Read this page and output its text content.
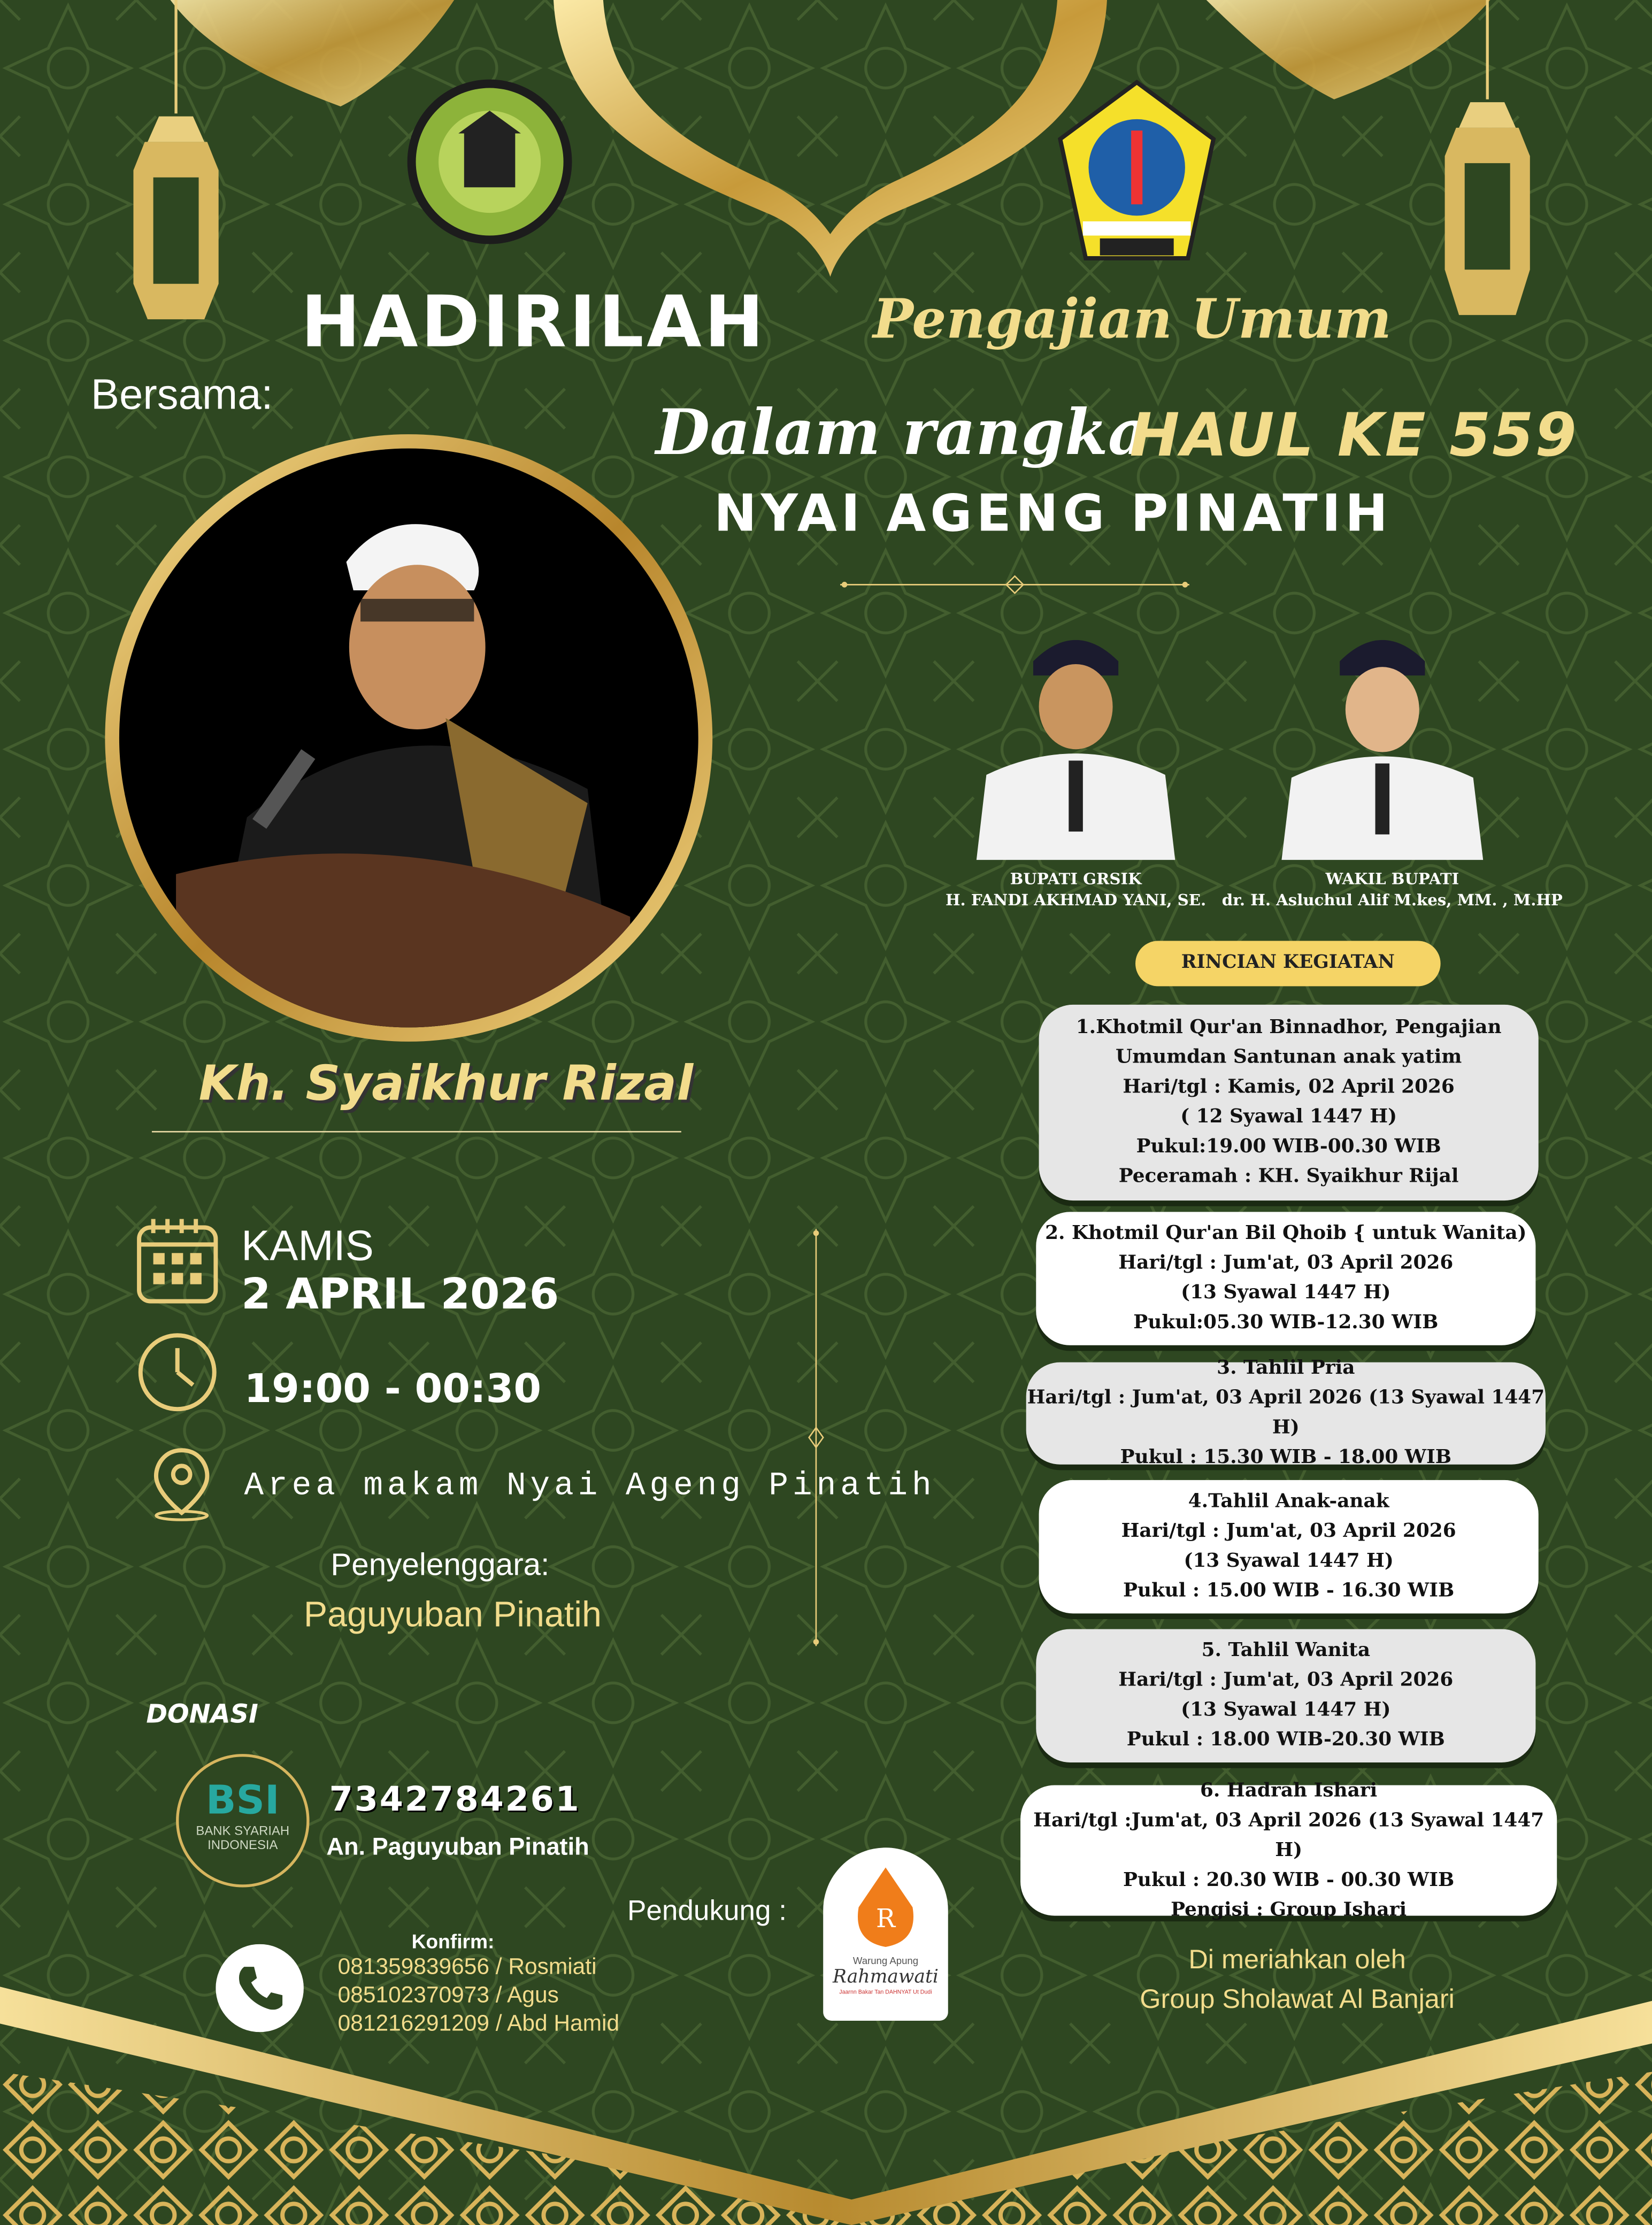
HADIRILAH	Pengajian Umum
Bersama:
Dalam rangka
HAUL KE 559
NYAI AGENG PINATIH
Kh. Syaikhur Rizal
KAMIS
2 APRIL 2026
19:00 - 00:30
Area makam Nyai Ageng Pinatih
Penyelenggara:
Paguyuban Pinatih
BUPATI GRSIK
H. FANDI AKHMAD YANI, SE.
WAKIL BUPATI
dr. H. Asluchul Alif M.kes, MM. , M.HP
RINCIAN KEGIATAN
1.Khotmil Qur'an Binnadhor, Pengajian
Umumdan Santunan anak yatim
Hari/tgl : Kamis, 02 April 2026
( 12 Syawal 1447 H)
Pukul:19.00 WIB-00.30 WIB
Peceramah : KH. Syaikhur Rijal
2. Khotmil Qur'an Bil Qhoib { untuk Wanita)
Hari/tgl : Jum'at, 03 April 2026
(13 Syawal 1447 H)
Pukul:05.30 WIB-12.30 WIB
3. Tahlil Pria
Hari/tgl : Jum'at, 03 April 2026 (13 Syawal 1447 H)
Pukul : 15.30 WIB - 18.00 WIB
4.Tahlil Anak-anak
Hari/tgl : Jum'at, 03 April 2026
(13 Syawal 1447 H)
Pukul : 15.00 WIB - 16.30 WIB
5. Tahlil Wanita
Hari/tgl : Jum'at, 03 April 2026
(13 Syawal 1447 H)
Pukul : 18.00 WIB-20.30 WIB
6. Hadrah Ishari
Hari/tgl :Jum'at, 03 April 2026 (13 Syawal 1447 H)
Pukul : 20.30 WIB - 00.30 WIB
Pengisi : Group Ishari
DONASI
BSI
BANK SYARIAH
INDONESIA
7342784261
An. Paguyuban Pinatih
Konfirm:
081359839656 / Rosmiati
085102370973 / Agus
081216291209 / Abd Hamid
Pendukung :	R
Warung Apung
Rahmawati
Jaarnn Bakar Tan DAHNYAT Ut Dudi
Di meriahkan oleh
Group Sholawat Al Banjari
